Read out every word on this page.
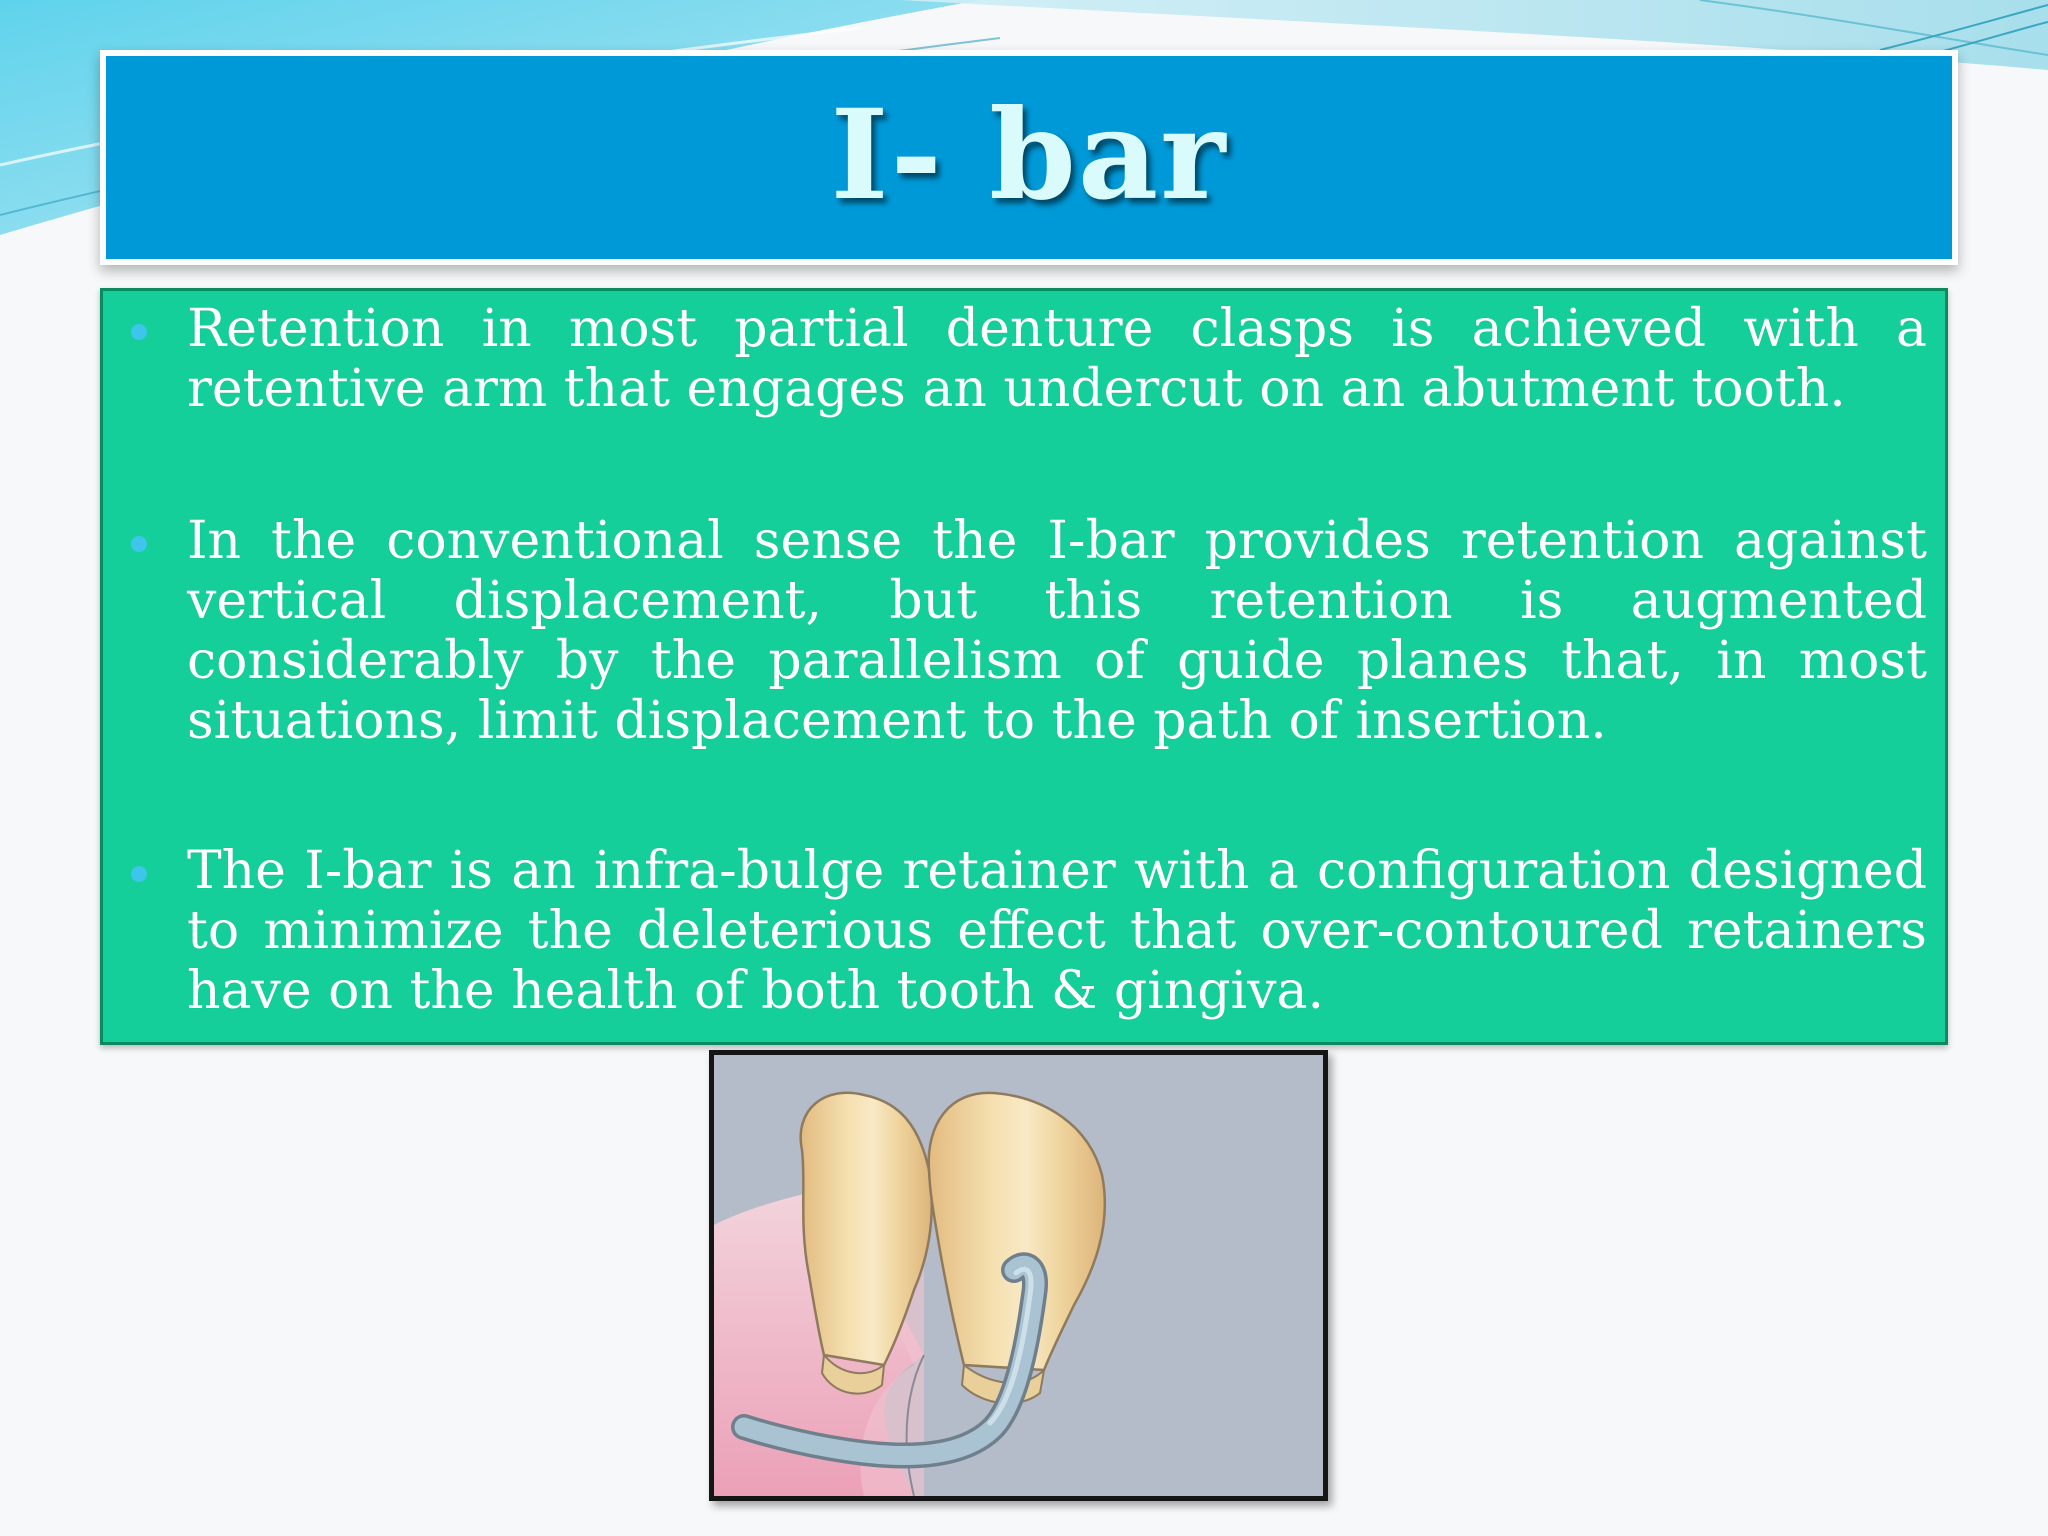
I- bar
Retention in most partial denture clasps is achieved with a retentive arm that engages an undercut on an abutment tooth.
In the conventional sense the I-bar provides retention against vertical displacement, but this retention is augmented considerably by the parallelism of guide planes that, in most situations, limit displacement to the path of insertion.
The I-bar is an infra-bulge retainer with a configuration designed to minimize the deleterious effect that over-contoured retainers have on the health of both tooth & gingiva.
